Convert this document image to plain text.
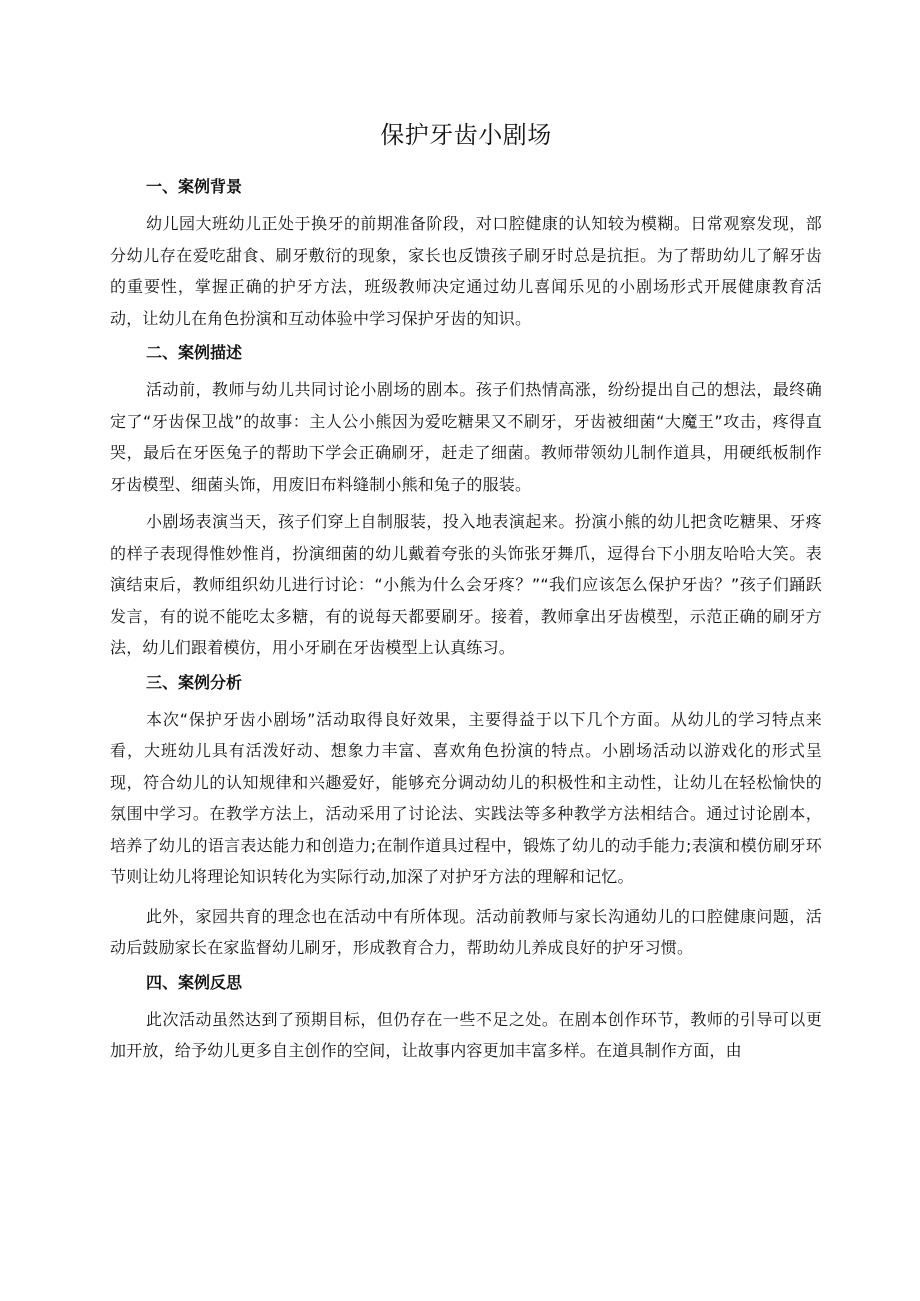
保护牙齿小剧场
一、案例背景

幼儿园大班幼儿正处于换牙的前期准备阶段，对口腔健康的认知较为模糊。日常观察发现，部分幼儿存在爱吃甜食、刷牙敷衍的现象，家长也反馈孩子刷牙时总是抗拒。为了帮助幼儿了解牙齿的重要性，掌握正确的护牙方法，班级教师决定通过幼儿喜闻乐见的小剧场形式开展健康教育活动，让幼儿在角色扮演和互动体验中学习保护牙齿的知识。

二、案例描述

活动前，教师与幼儿共同讨论小剧场的剧本。孩子们热情高涨，纷纷提出自己的想法，最终确定了“牙齿保卫战”的故事：主人公小熊因为爱吃糖果又不刷牙，牙齿被细菌“大魔王”攻击，疼得直哭，最后在牙医兔子的帮助下学会正确刷牙，赶走了细菌。教师带领幼儿制作道具，用硬纸板制作牙齿模型、细菌头饰，用废旧布料缝制小熊和兔子的服装。

小剧场表演当天，孩子们穿上自制服装，投入地表演起来。扮演小熊的幼儿把贪吃糖果、牙疼的样子表现得惟妙惟肖，扮演细菌的幼儿戴着夸张的头饰张牙舞爪，逗得台下小朋友哈哈大笑。表演结束后，教师组织幼儿进行讨论：“小熊为什么会牙疼？”“我们应该怎么保护牙齿？”孩子们踊跃发言，有的说不能吃太多糖，有的说每天都要刷牙。接着，教师拿出牙齿模型，示范正确的刷牙方法，幼儿们跟着模仿，用小牙刷在牙齿模型上认真练习。

三、案例分析

本次“保护牙齿小剧场”活动取得良好效果，主要得益于以下几个方面。从幼儿的学习特点来看，大班幼儿具有活泼好动、想象力丰富、喜欢角色扮演的特点。小剧场活动以游戏化的形式呈现，符合幼儿的认知规律和兴趣爱好，能够充分调动幼儿的积极性和主动性，让幼儿在轻松愉快的氛围中学习。在教学方法上，活动采用了讨论法、实践法等多种教学方法相结合。通过讨论剧本，培养了幼儿的语言表达能力和创造力;在制作道具过程中，锻炼了幼儿的动手能力;表演和模仿刷牙环节则让幼儿将理论知识转化为实际行动,加深了对护牙方法的理解和记忆。

此外，家园共育的理念也在活动中有所体现。活动前教师与家长沟通幼儿的口腔健康问题，活动后鼓励家长在家监督幼儿刷牙，形成教育合力，帮助幼儿养成良好的护牙习惯。

四、案例反思

此次活动虽然达到了预期目标，但仍存在一些不足之处。在剧本创作环节，教师的引导可以更加开放，给予幼儿更多自主创作的空间，让故事内容更加丰富多样。在道具制作方面，由
